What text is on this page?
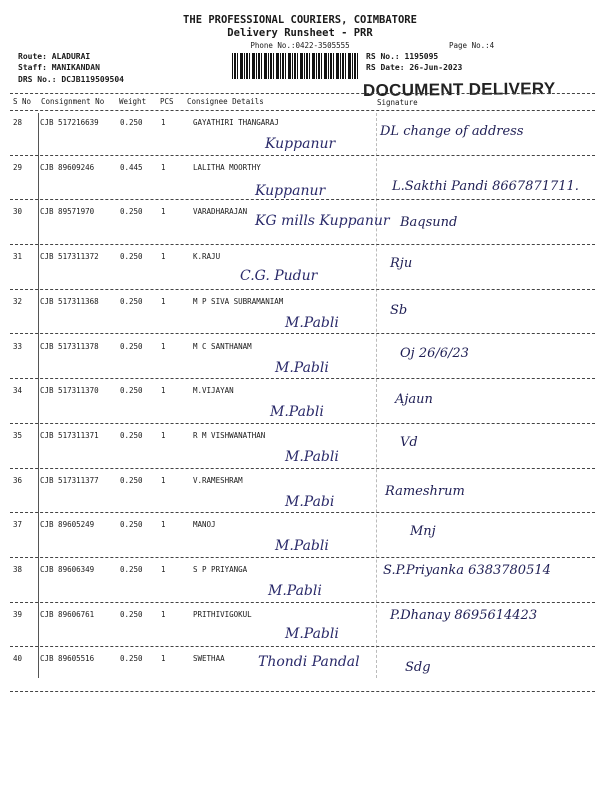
THE PROFESSIONAL COURIERS, COIMBATORE
Delivery Runsheet - PRR
Phone No.:0422-3505555	Page No.:4
Route: ALADURAI
Staff: MANIKANDAN
DRS No.: DCJB119509504
RS No.: 1195095
RS Date: 26-Jun-2023
DOCUMENT DELIVERY
S No Consignment No Weight PCS Consignee Details	Signature
28 CJB 517216639	0.250 1	GAYATHIRI THANGARAJ
Kuppanur
DL change of address
29 CJB 89609246	0.445 1	LALITHA MOORTHY
Kuppanur	L.Sakthi Pandi 8667871711.
30 CJB 89571970	0.250 1	VARADHARAJAN
KG mills Kuppanur Baqsund
31 CJB 517311372	0.250 1	K.RAJU
C.G. Pudur
Rju
32 CJB 517311368	0.250 1	M P SIVA SUBRAMANIAM
M.Pabli
Sb
33 CJB 517311378	0.250 1	M C SANTHANAM
M.Pabli
Oj 26/6/23
34 CJB 517311370	0.250 1	M.VIJAYAN
M.Pabli
Ajaun
35 CJB 517311371	0.250 1	R M VISHWANATHAN
M.Pabli
Vd
36 CJB 517311377	0.250 1	V.RAMESHRAM
M.Pabi
Rameshrum
37 CJB 89605249	0.250 1	MANOJ
M.Pabli
Mnj
38 CJB 89606349	0.250 1	S P PRIYANGA
M.Pabli
S.P.Priyanka 6383780514
39 CJB 89606761	0.250 1	PRITHIVIGOKUL
M.Pabli
P.Dhanay 8695614423
40 CJB 89605516	0.250 1	SWETHAA Thondi Pandal	Sdg
